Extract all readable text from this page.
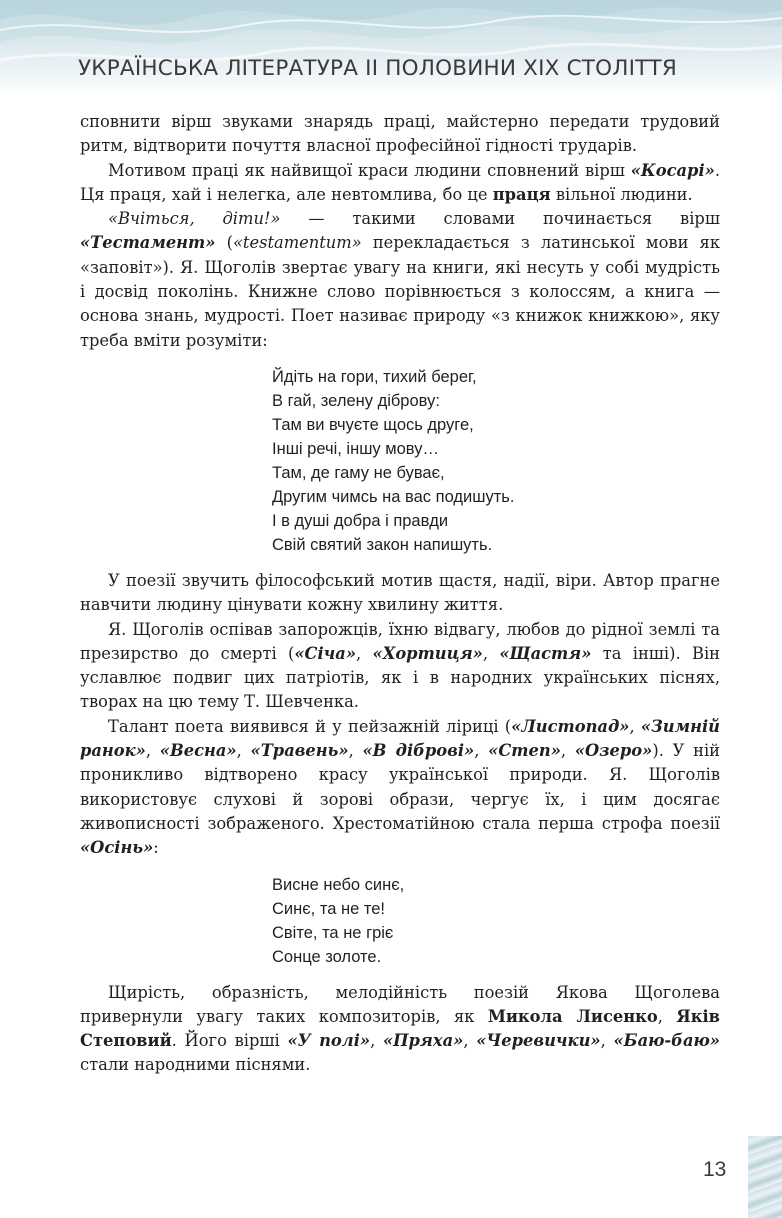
УКРАЇНСЬКА ЛІТЕРАТУРА ІІ ПОЛОВИНИ ХІХ СТОЛІТТЯ

сповнити вірш звуками знарядь праці, майстерно передати трудовий ритм, відтворити почуття власної професійної гідності трударів.

Мотивом праці як найвищої краси людини сповнений вірш «Косарі». Ця праця, хай і нелегка, але невтомлива, бо це праця вільної людини.

«Вчіться, діти!» — такими словами починається вірш «Тестамент» («testamentum» перекладається з латинської мови як «заповіт»). Я. Щоголів звертає увагу на книги, які несуть у собі мудрість і досвід поколінь. Книжне слово порівнюється з колоссям, а книга — основа знань, мудрості. Поет називає природу «з книжок книжкою», яку треба вміти розуміти:

Йдіть на гори, тихий берег,
В гай, зелену діброву:
Там ви вчуєте щось друге,
Інші речі, іншу мову…
Там, де гаму не буває,
Другим чимсь на вас подишуть.
І в душі добра і правди
Свій святий закон напишуть.

У поезії звучить філософський мотив щастя, надії, віри. Автор прагне навчити людину цінувати кожну хвилину життя.

Я. Щоголів оспівав запорожців, їхню відвагу, любов до рідної землі та презирство до смерті («Січа», «Хортиця», «Щастя» та інші). Він уславлює подвиг цих патріотів, як і в народних українських піснях, творах на цю тему Т. Шевченка.

Талант поета виявився й у пейзажній ліриці («Листопад», «Зимній ранок», «Весна», «Травень», «В діброві», «Степ», «Озеро»). У ній проникливо відтворено красу української природи. Я. Щоголів використовує слухові й зорові образи, чергує їх, і цим досягає живописності зображеного. Хрестоматійною стала перша строфа поезії «Осінь»:

Висне небо синє,
Синє, та не те!
Світе, та не гріє
Сонце золоте.

Щирість, образність, мелодійність поезій Якова Щоголева привернули увагу таких композиторів, як Микола Лисенко, Яків Степовий. Його вірші «У полі», «Пряха», «Черевички», «Баю-баю» стали народними піснями.

13
